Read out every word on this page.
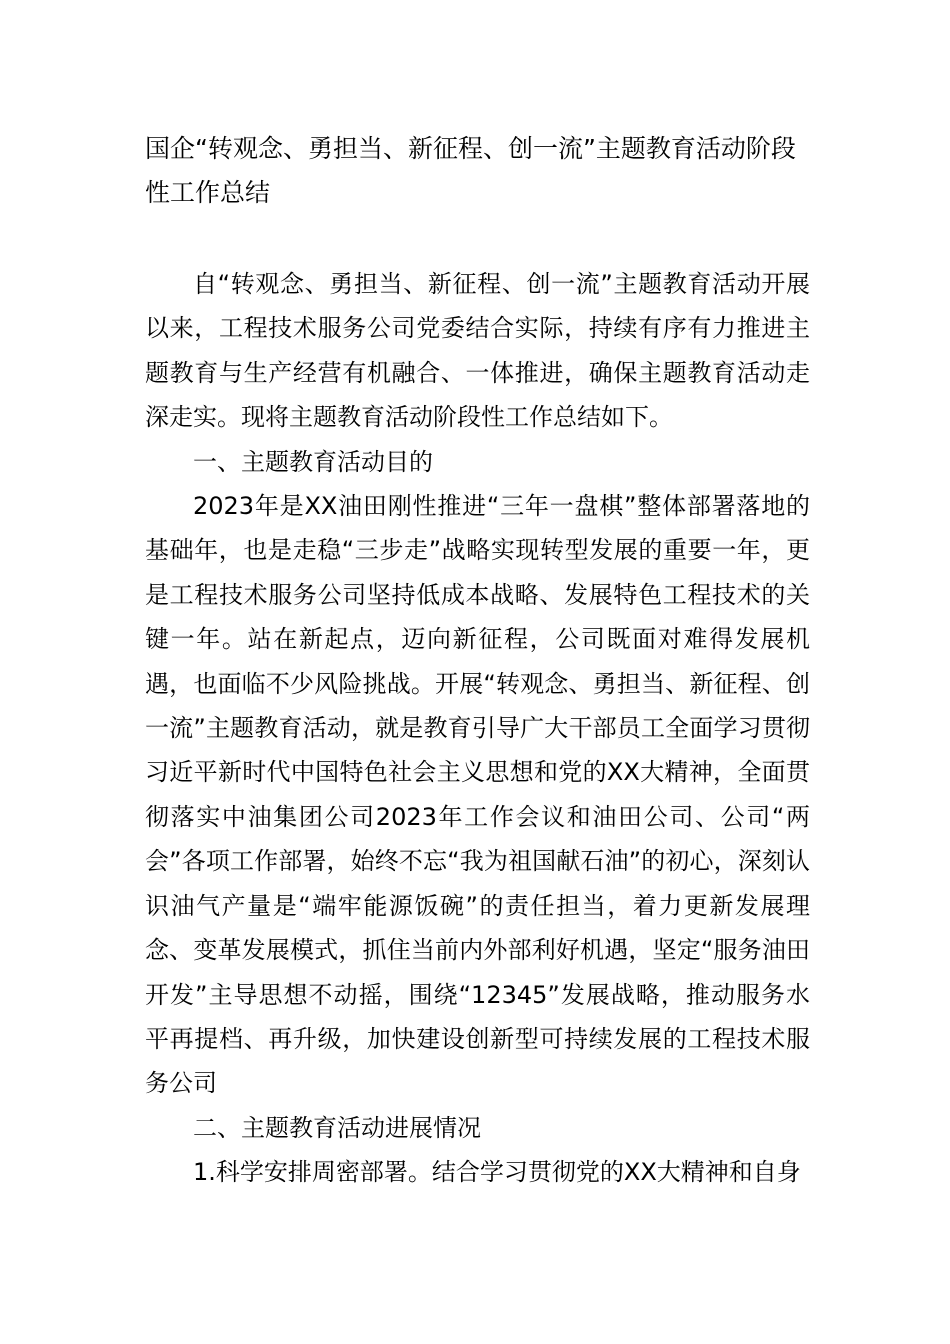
国企“转观念、勇担当、新征程、创一流”主题教育活动阶段性工作总结

自“转观念、勇担当、新征程、创一流”主题教育活动开展以来，工程技术服务公司党委结合实际，持续有序有力推进主题教育与生产经营有机融合、一体推进，确保主题教育活动走深走实。现将主题教育活动阶段性工作总结如下。

一、主题教育活动目的

2023年是XX油田刚性推进“三年一盘棋”整体部署落地的基础年，也是走稳“三步走”战略实现转型发展的重要一年，更是工程技术服务公司坚持低成本战略、发展特色工程技术的关键一年。站在新起点，迈向新征程，公司既面对难得发展机遇，也面临不少风险挑战。开展“转观念、勇担当、新征程、创一流”主题教育活动，就是教育引导广大干部员工全面学习贯彻习近平新时代中国特色社会主义思想和党的XX大精神，全面贯彻落实中油集团公司2023年工作会议和油田公司、公司“两会”各项工作部署，始终不忘“我为祖国献石油”的初心，深刻认识油气产量是“端牢能源饭碗”的责任担当，着力更新发展理念、变革发展模式，抓住当前内外部利好机遇，坚定“服务油田开发”主导思想不动摇，围绕“12345”发展战略，推动服务水平再提档、再升级，加快建设创新型可持续发展的工程技术服务公司

二、主题教育活动进展情况

1.科学安排周密部署。结合学习贯彻党的XX大精神和自身
